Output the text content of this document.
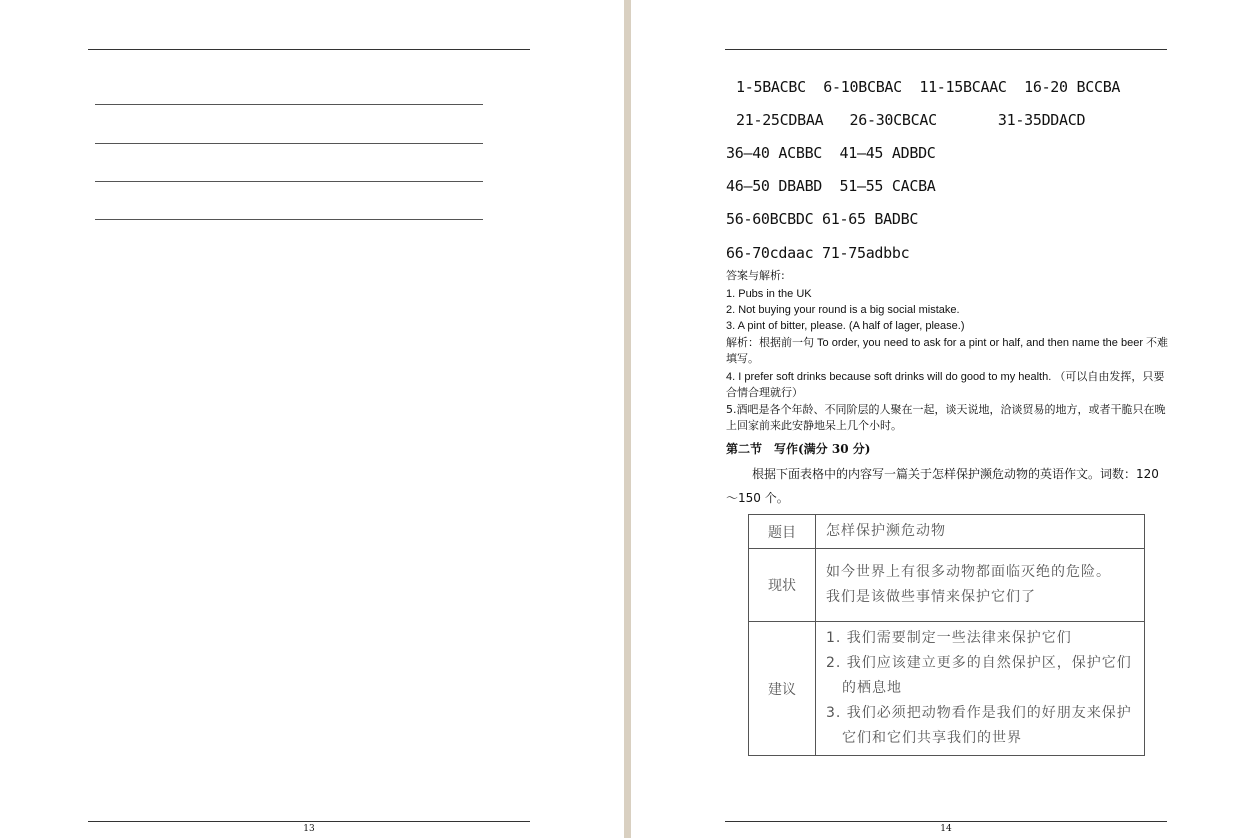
13
1-5BACBC  6-10BCBAC  11-15BCAAC  16-20 BCCBA
21-25CDBAA   26-30CBCAC       31-35DDACD
36—40 ACBBC  41—45 ADBDC
46—50 DBABD  51—55 CACBA
56-60BCBDC 61-65 BADBC
66-70cdaac 71-75adbbc
答案与解析:
1. Pubs in the UK
2. Not buying your round is a big social mistake.
3. A pint of bitter, please. (A half of lager, please.)
解析：根据前一句 To order, you need to ask for a pint or half, and then name the beer 不难填写。
4. I prefer soft drinks because soft drinks will do good to my health. （可以自由发挥，只要合情合理就行）
5.酒吧是各个年龄、不同阶层的人聚在一起，谈天说地，洽谈贸易的地方，或者干脆只在晚上回家前来此安静地呆上几个小时。
第二节　写作(满分 30 分)
根据下面表格中的内容写一篇关于怎样保护濒危动物的英语作文。词数：120～150 个。
题目	怎样保护濒危动物
现状	如今世界上有很多动物都面临灭绝的危险。
我们是该做些事情来保护它们了

建议	1. 我们需要制定一些法律来保护它们
2. 我们应该建立更多的自然保护区，保护它们的栖息地
3. 我们必须把动物看作是我们的好朋友来保护它们和它们共享我们的世界
14
